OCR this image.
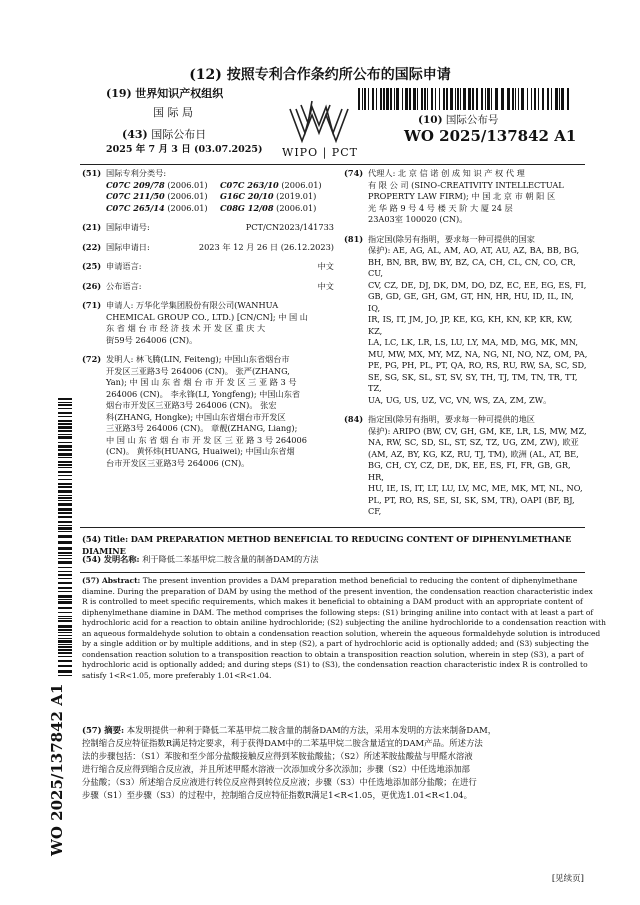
(12) 按照专利合作条约所公布的国际申请
(19) 世界知识产权组织
国 际 局
(43) 国际公布日
2025 年 7 月 3 日 (03.07.2025)	WIPO | PCT
(10) 国际公布号
WO 2025/137842 A1
(51) 国际专利分类号:
C07C 209/78 (2006.01)	C07C 263/10 (2006.01)
C07C 211/50 (2006.01)	G16C 20/10 (2019.01)
C07C 265/14 (2006.01)	C08G 12/08 (2006.01)
(21) 国际申请号:	PCT/CN2023/141733
(22) 国际申请日:	2023 年 12 月 26 日 (26.12.2023)
(25) 申请语言:	中文
(26) 公布语言:	中文
(71) 申请人: 万华化学集团股份有限公司(WANHUA
CHEMICAL GROUP CO., LTD.) [CN/CN]; 中 国 山
东 省 烟 台 市 经 济 技 术 开 发 区 重 庆 大
街59号 264006 (CN)。
(72) 发明人: 林飞腾(LIN, Feiteng); 中国山东省烟台市
开发区三亚路3号 264006 (CN)。 张严(ZHANG,
Yan); 中 国 山 东 省 烟 台 市 开 发 区 三 亚 路 3 号
264006 (CN)。 李永锋(LI, Yongfeng); 中国山东省
烟台市开发区三亚路3号 264006 (CN)。 张宏
科(ZHANG, Hongke); 中国山东省烟台市开发区
三亚路3号 264006 (CN)。 章靓(ZHANG, Liang);
中 国 山 东 省 烟 台 市 开 发 区 三 亚 路 3 号 264006
(CN)。 黄怀炜(HUANG, Huaiwei); 中国山东省烟
台市开发区三亚路3号 264006 (CN)。
(74) 代理人: 北 京 信 诺 创 成 知 识 产 权 代 理
有 限 公 司 (SINO-CREATIVITY INTELLECTUAL
PROPERTY LAW FIRM); 中 国 北 京 市 朝 阳 区
光 华 路 9 号 4 号 楼 天 阶 大 厦 24 层
23A03室 100020 (CN)。
(81) 指定国(除另有指明，要求每一种可提供的国家
保护): AE, AG, AL, AM, AO, AT, AU, AZ, BA, BB, BG,
BH, BN, BR, BW, BY, BZ, CA, CH, CL, CN, CO, CR, CU,
CV, CZ, DE, DJ, DK, DM, DO, DZ, EC, EE, EG, ES, FI,
GB, GD, GE, GH, GM, GT, HN, HR, HU, ID, IL, IN, IQ,
IR, IS, IT, JM, JO, JP, KE, KG, KH, KN, KP, KR, KW, KZ,
LA, LC, LK, LR, LS, LU, LY, MA, MD, MG, MK, MN,
MU, MW, MX, MY, MZ, NA, NG, NI, NO, NZ, OM, PA,
PE, PG, PH, PL, PT, QA, RO, RS, RU, RW, SA, SC, SD,
SE, SG, SK, SL, ST, SV, SY, TH, TJ, TM, TN, TR, TT, TZ,
UA, UG, US, UZ, VC, VN, WS, ZA, ZM, ZW。
(84) 指定国(除另有指明，要求每一种可提供的地区
保护): ARIPO (BW, CV, GH, GM, KE, LR, LS, MW, MZ,
NA, RW, SC, SD, SL, ST, SZ, TZ, UG, ZM, ZW), 欧亚
(AM, AZ, BY, KG, KZ, RU, TJ, TM), 欧洲 (AL, AT, BE,
BG, CH, CY, CZ, DE, DK, EE, ES, FI, FR, GB, GR, HR,
HU, IE, IS, IT, LT, LU, LV, MC, ME, MK, MT, NL, NO,
PL, PT, RO, RS, SE, SI, SK, SM, TR), OAPI (BF, BJ, CF,
WO 2025/137842 A1
(54) Title: DAM PREPARATION METHOD BENEFICIAL TO REDUCING CONTENT OF DIPHENYLMETHANE DIAMINE
(54) 发明名称: 利于降低二苯基甲烷二胺含量的制备DAM的方法
(57) Abstract: The present invention provides a DAM preparation method beneficial to reducing the content of diphenylmethane
diamine. During the preparation of DAM by using the method of the present invention, the condensation reaction characteristic index
R is controlled to meet specific requirements, which makes it beneficial to obtaining a DAM product with an appropriate content of
diphenylmethane diamine in DAM. The method comprises the following steps: (S1) bringing aniline into contact with at least a part of
hydrochloric acid for a reaction to obtain aniline hydrochloride; (S2) subjecting the aniline hydrochloride to a condensation reaction with
an aqueous formaldehyde solution to obtain a condensation reaction solution, wherein the aqueous formaldehyde solution is introduced
by a single addition or by multiple additions, and in step (S2), a part of hydrochloric acid is optionally added; and (S3) subjecting the
condensation reaction solution to a transposition reaction to obtain a transposition reaction solution, wherein in step (S3), a part of
hydrochloric acid is optionally added; and during steps (S1) to (S3), the condensation reaction characteristic index R is controlled to
satisfy 1<R<1.05, more preferably 1.01<R<1.04.
(57) 摘要: 本发明提供一种利于降低二苯基甲烷二胺含量的制备DAM的方法，采用本发明的方法来制备DAM，
控制缩合反应特征指数R满足特定要求，利于获得DAM中的二苯基甲烷二胺含量适宜的DAM产品。所述方法
法的步骤包括：（S1）苯胺和至少部分盐酸接触反应得到苯胺盐酸盐；（S2）所述苯胺盐酸盐与甲醛水溶液
进行缩合反应得到缩合反应液，并且所述甲醛水溶液一次添加或分多次添加；步骤（S2）中任选地添加部
分盐酸；（S3）所述缩合反应液进行转位反应得到转位反应液；步骤（S3）中任选地添加部分盐酸；在进行
步骤（S1）至步骤（S3）的过程中，控制缩合反应特征指数R满足1<R<1.05，更优选1.01<R<1.04。
[见续页]
